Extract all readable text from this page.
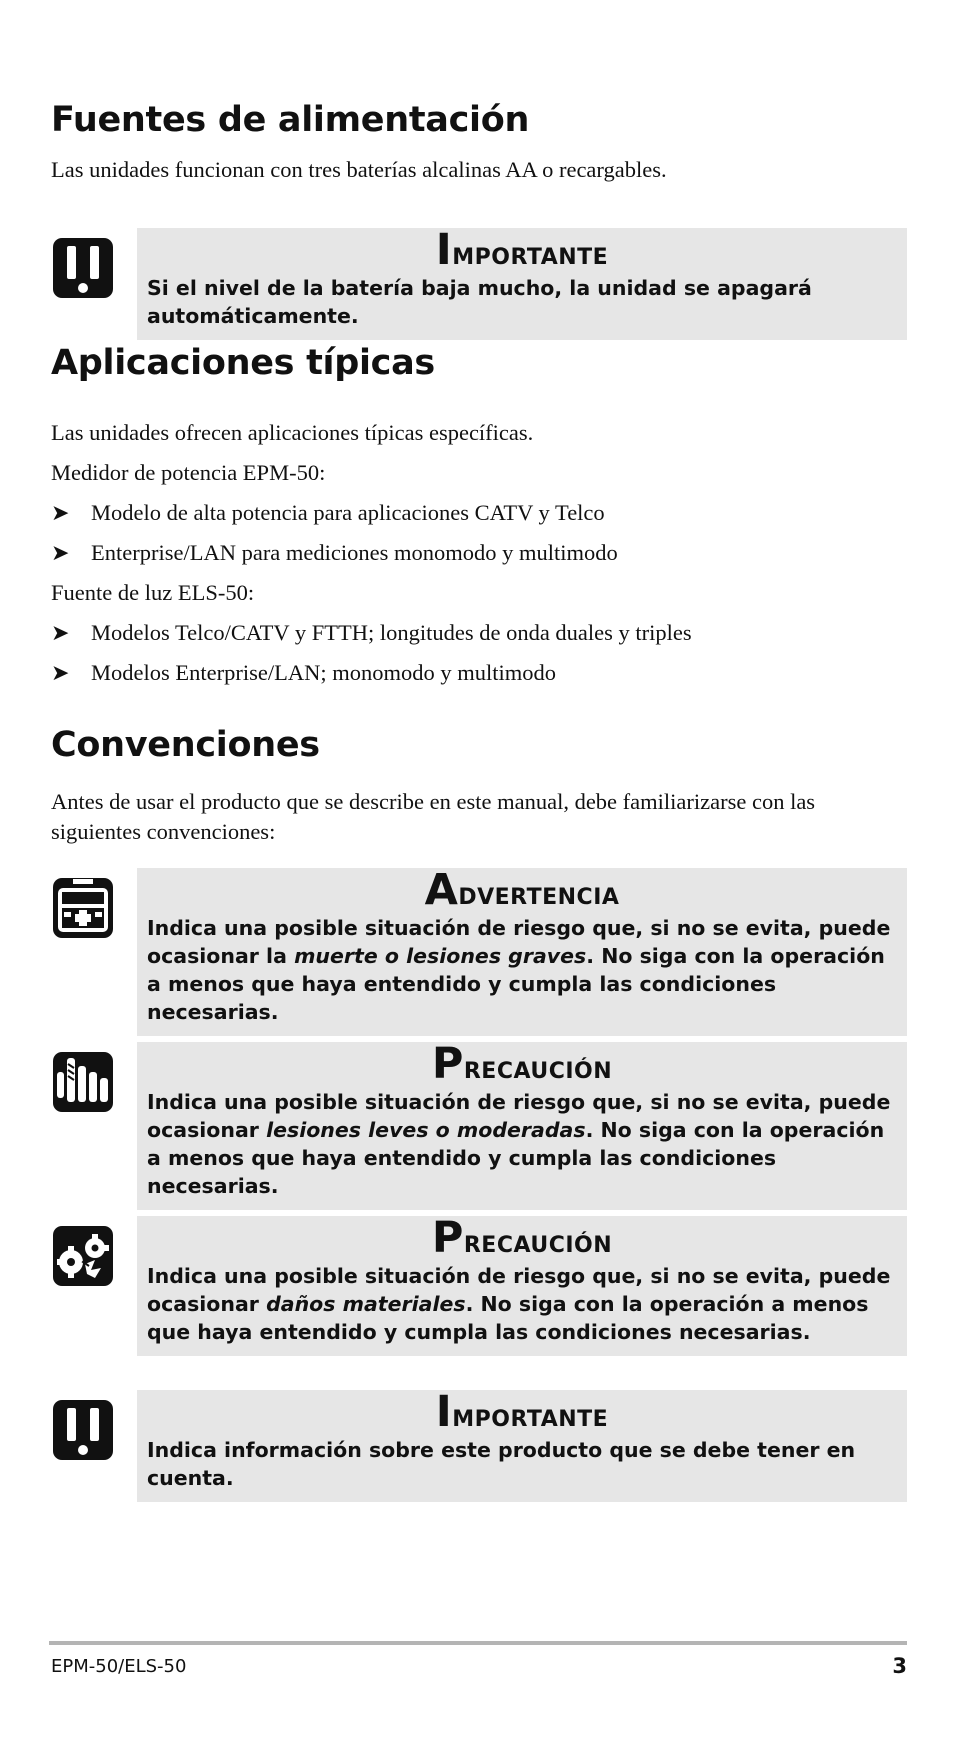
Fuentes de alimentación

Las unidades funcionan con tres baterías alcalinas AA o recargables.

Importante
Si el nivel de la batería baja mucho, la unidad se apagará automáticamente.
Aplicaciones típicas

Las unidades ofrecen aplicaciones típicas específicas.

Medidor de potencia EPM-50:

➤ Modelo de alta potencia para aplicaciones CATV y Telco
➤ Enterprise/LAN para mediciones monomodo y multimodo

Fuente de luz ELS-50:

➤ Modelos Telco/CATV y FTTH; longitudes de onda duales y triples
➤ Modelos Enterprise/LAN; monomodo y multimodo
Convenciones

Antes de usar el producto que se describe en este manual, debe familiarizarse con las siguientes convenciones:

Advertencia
Indica una posible situación de riesgo que, si no se evita, puede ocasionar la muerte o lesiones graves. No siga con la operación a menos que haya entendido y cumpla las condiciones necesarias.
Precaución
Indica una posible situación de riesgo que, si no se evita, puede ocasionar lesiones leves o moderadas. No siga con la operación a menos que haya entendido y cumpla las condiciones necesarias.
Precaución
Indica una posible situación de riesgo que, si no se evita, puede ocasionar daños materiales. No siga con la operación a menos que haya entendido y cumpla las condiciones necesarias.
Importante
Indica información sobre este producto que se debe tener en cuenta.
EPM-50/ELS-50	3
